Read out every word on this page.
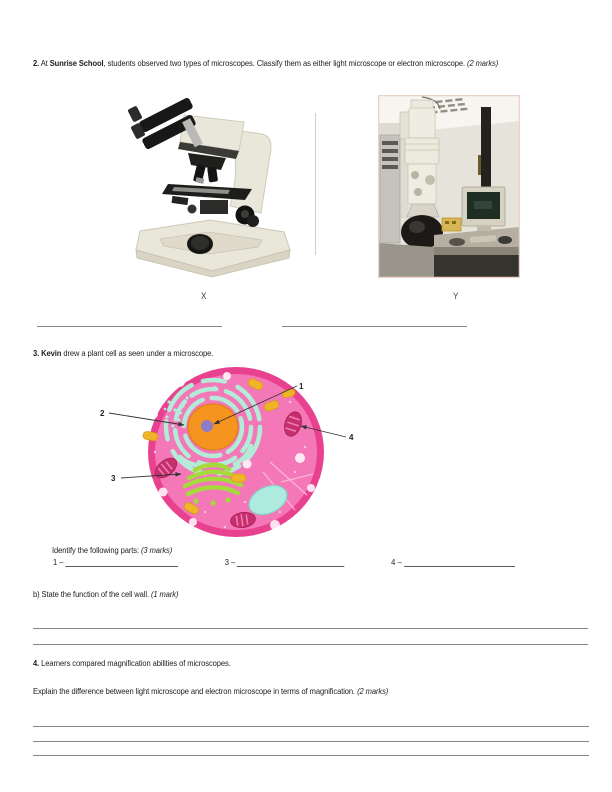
2. At Sunrise School, students observed two types of microscopes. Classify them as either light microscope or electron microscope. (2 marks)
X	Y
3. Kevin drew a plant cell as seen under a microscope.
1
2
3
4
Identify the following parts: (3 marks)
1 –	3 –	4 –
b) State the function of the cell wall. (1 mark)
4. Learners compared magnification abilities of microscopes.
Explain the difference between light microscope and electron microscope in terms of magnification. (2 marks)
